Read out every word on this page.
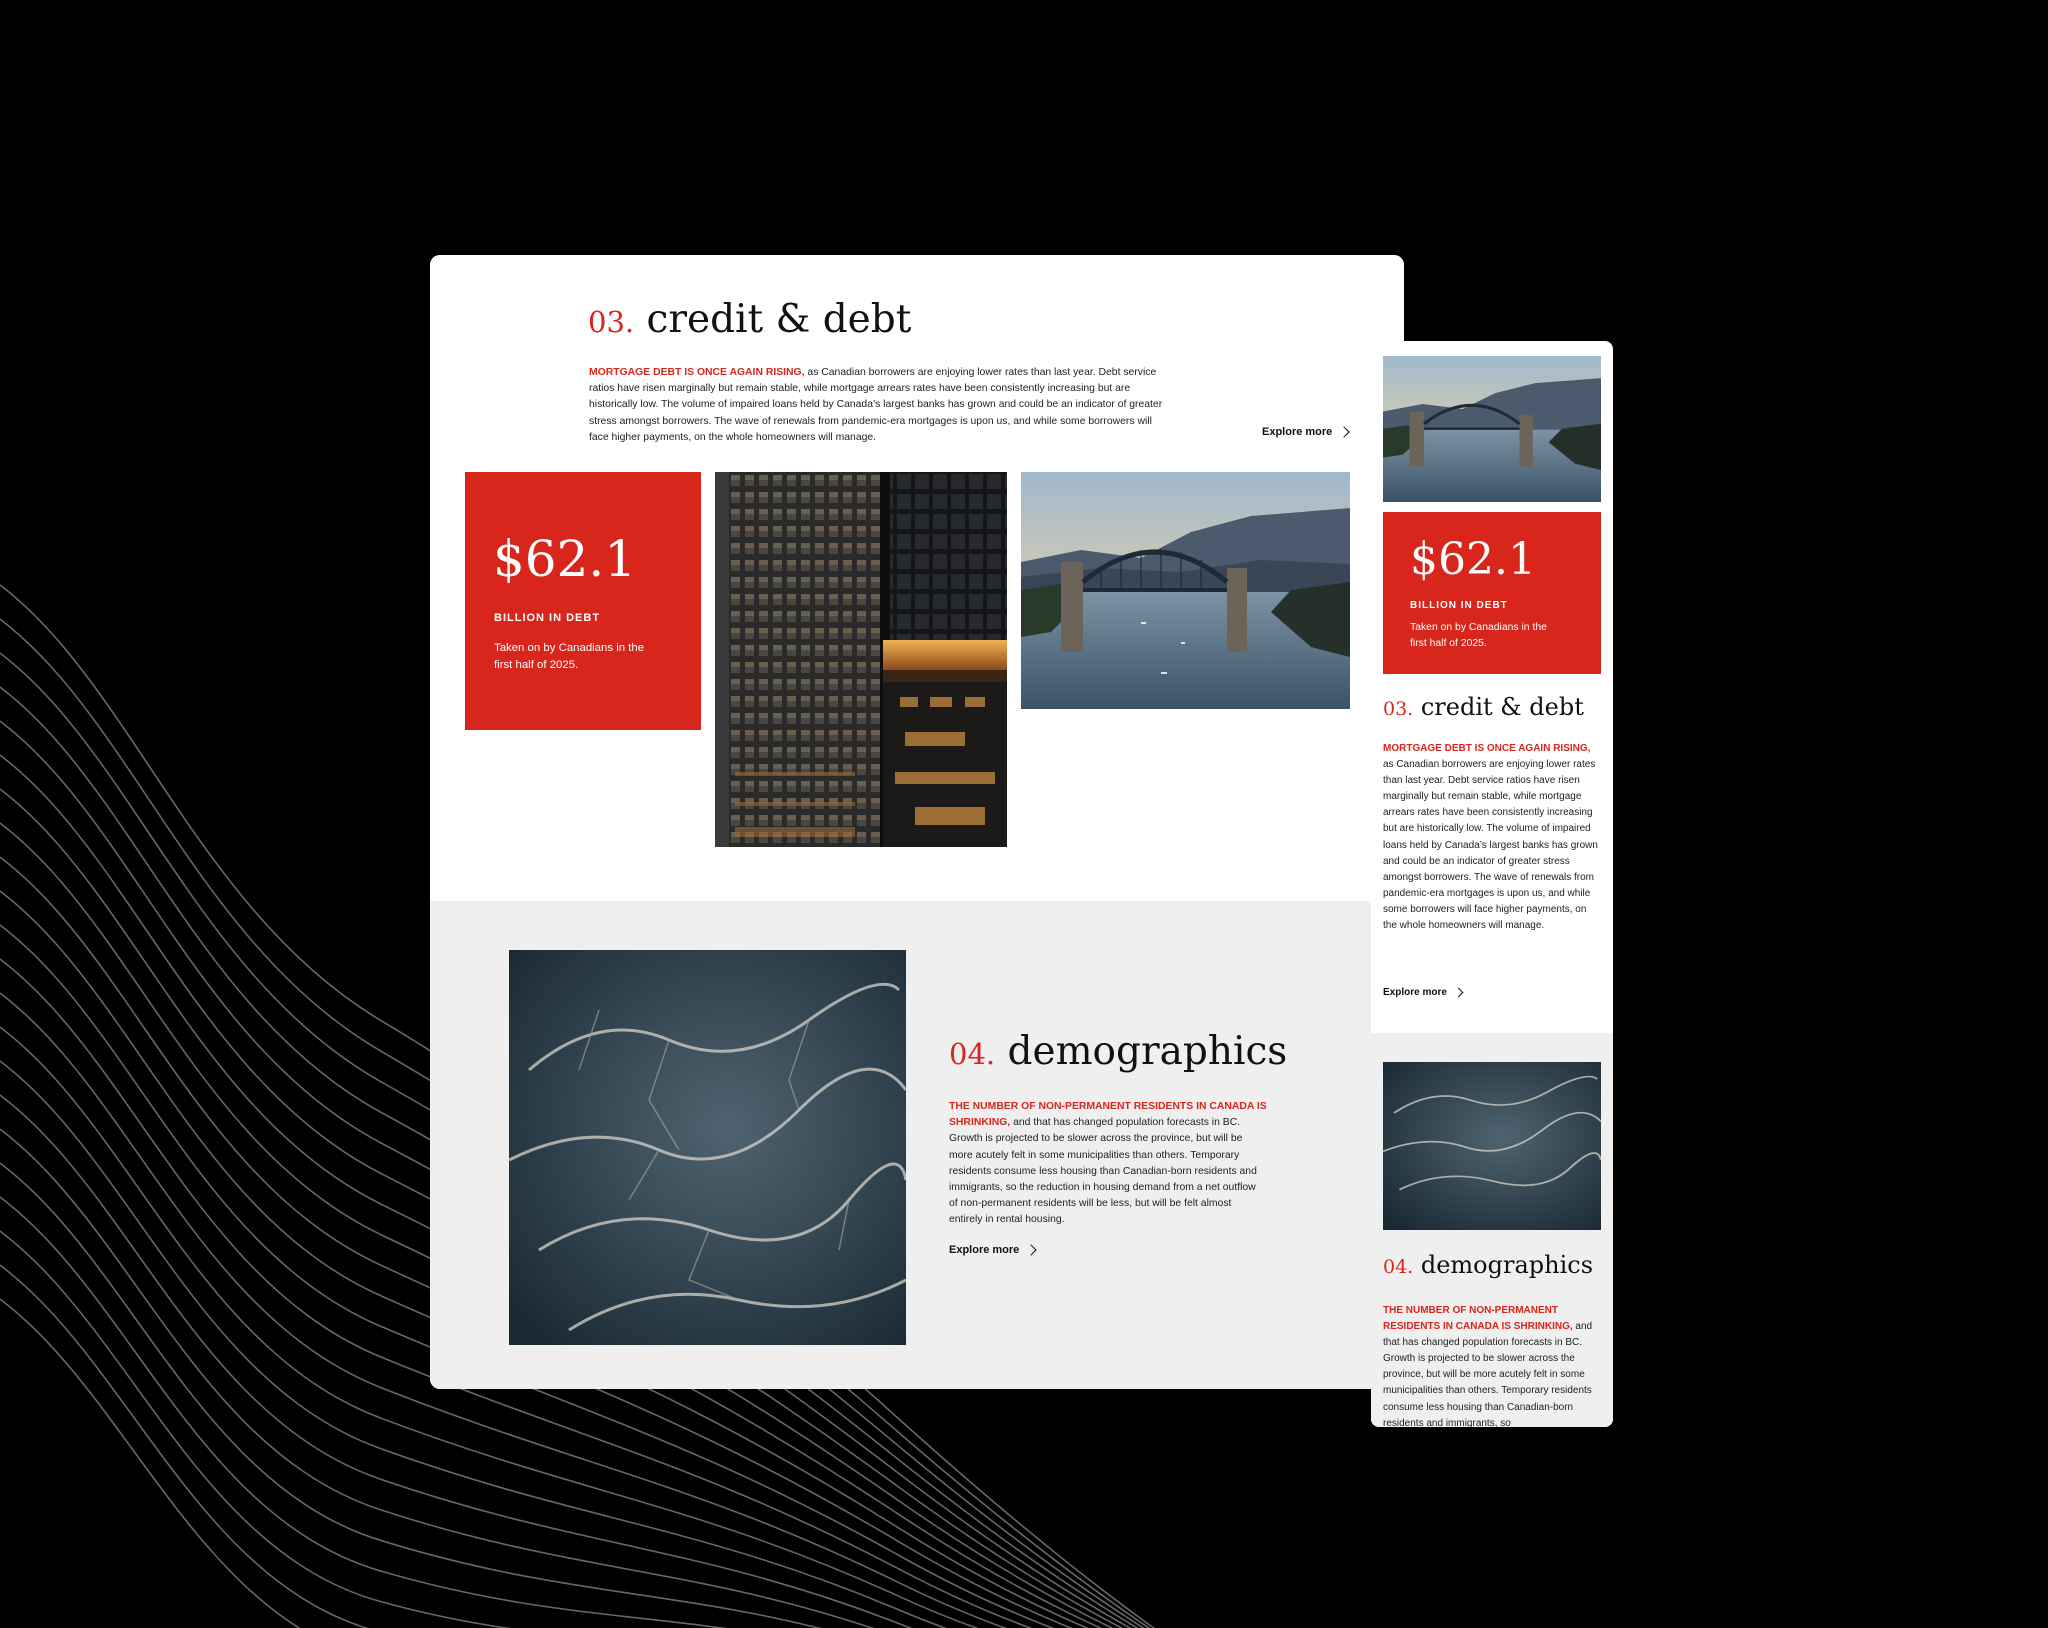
03. credit & debt
MORTGAGE DEBT IS ONCE AGAIN RISING, as Canadian borrowers are enjoying lower rates than last year. Debt service ratios have risen marginally but remain stable, while mortgage arrears rates have been consistently increasing but are historically low. The volume of impaired loans held by Canada’s largest banks has grown and could be an indicator of greater stress amongst borrowers. The wave of renewals from pandemic-era mortgages is upon us, and while some borrowers will face higher payments, on the whole homeowners will manage.	Explore more
$62.1
BILLION IN DEBT
Taken on by Canadians in the first half of 2025.
04. demographics
THE NUMBER OF NON-PERMANENT RESIDENTS IN CANADA IS SHRINKING, and that has changed population forecasts in BC. Growth is projected to be slower across the province, but will be more acutely felt in some municipalities than others. Temporary residents consume less housing than Canadian-born residents and immigrants, so the reduction in housing demand from a net outflow of non-permanent residents will be less, but will be felt almost entirely in rental housing.
Explore more
$62.1
BILLION IN DEBT
Taken on by Canadians in the first half of 2025.
03. credit & debt
MORTGAGE DEBT IS ONCE AGAIN RISING, as Canadian borrowers are enjoying lower rates than last year. Debt service ratios have risen marginally but remain stable, while mortgage arrears rates have been consistently increasing but are historically low. The volume of impaired loans held by Canada’s largest banks has grown and could be an indicator of greater stress amongst borrowers. The wave of renewals from pandemic-era mortgages is upon us, and while some borrowers will face higher payments, on the whole homeowners will manage.
Explore more
04. demographics
THE NUMBER OF NON-PERMANENT RESIDENTS IN CANADA IS SHRINKING, and that has changed population forecasts in BC. Growth is projected to be slower across the province, but will be more acutely felt in some municipalities than others. Temporary residents consume less housing than Canadian-born residents and immigrants, so
